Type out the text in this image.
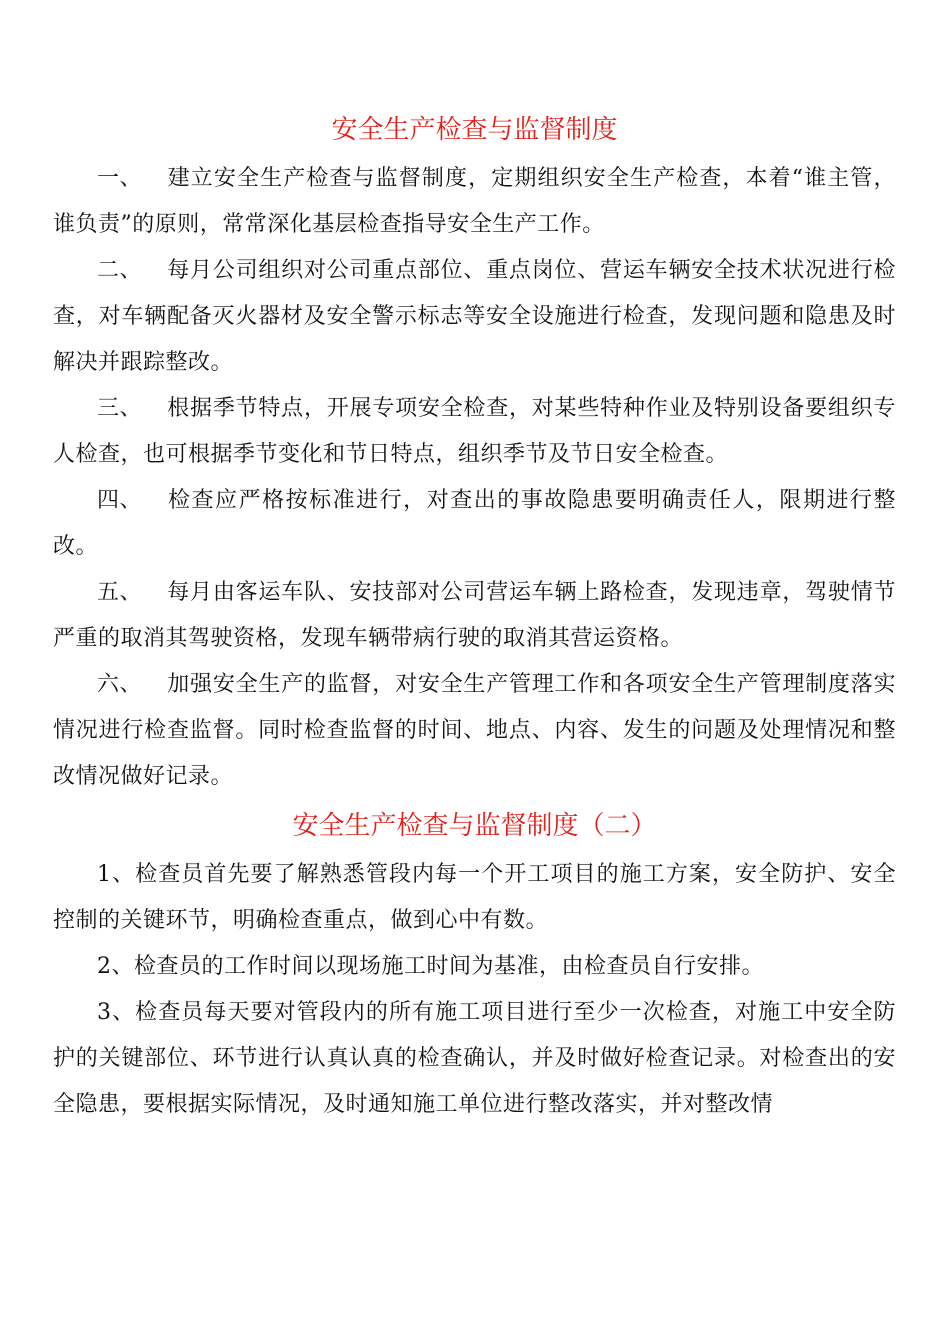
安全生产检查与监督制度

一、 建立安全生产检查与监督制度，定期组织安全生产检查，本着“谁主管，谁负责”的原则，常常深化基层检查指导安全生产工作。

二、 每月公司组织对公司重点部位、重点岗位、营运车辆安全技术状况进行检查，对车辆配备灭火器材及安全警示标志等安全设施进行检查，发现问题和隐患及时解决并跟踪整改。

三、 根据季节特点，开展专项安全检查，对某些特种作业及特别设备要组织专人检查，也可根据季节变化和节日特点，组织季节及节日安全检查。

四、 检查应严格按标准进行，对查出的事故隐患要明确责任人，限期进行整改。

五、 每月由客运车队、安技部对公司营运车辆上路检查，发现违章，驾驶情节严重的取消其驾驶资格，发现车辆带病行驶的取消其营运资格。

六、 加强安全生产的监督，对安全生产管理工作和各项安全生产管理制度落实情况进行检查监督。同时检查监督的时间、地点、内容、发生的问题及处理情况和整改情况做好记录。

安全生产检查与监督制度（二）

1、检查员首先要了解熟悉管段内每一个开工项目的施工方案，安全防护、安全控制的关键环节，明确检查重点，做到心中有数。

2、检查员的工作时间以现场施工时间为基准，由检查员自行安排。

3、检查员每天要对管段内的所有施工项目进行至少一次检查，对施工中安全防护的关键部位、环节进行认真认真的检查确认，并及时做好检查记录。对检查出的安全隐患，要根据实际情况，及时通知施工单位进行整改落实，并对整改情
